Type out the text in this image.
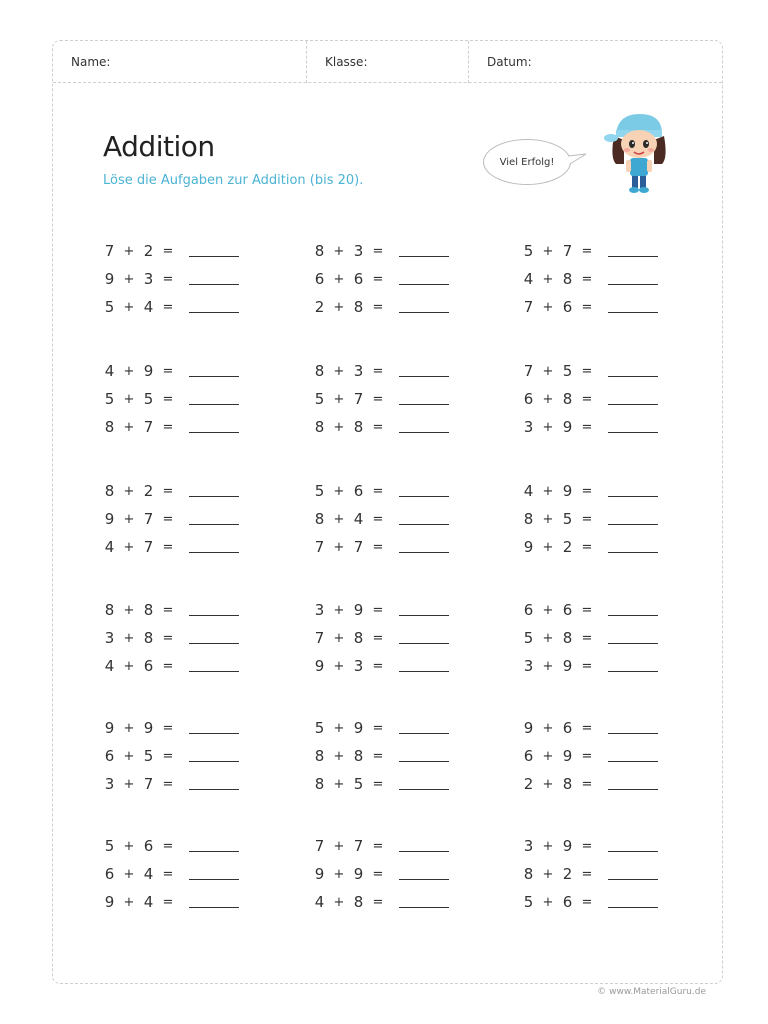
Name:	Klasse:	Datum:
Addition
Löse die Aufgaben zur Addition (bis 20).
Viel Erfolg!
7 + 2 =
9 + 3 =
5 + 4 =
8 + 3 =
6 + 6 =
2 + 8 =
5 + 7 =
4 + 8 =
7 + 6 =
4 + 9 =
5 + 5 =
8 + 7 =
8 + 3 =
5 + 7 =
8 + 8 =
7 + 5 =
6 + 8 =
3 + 9 =
8 + 2 =
9 + 7 =
4 + 7 =
5 + 6 =
8 + 4 =
7 + 7 =
4 + 9 =
8 + 5 =
9 + 2 =
8 + 8 =
3 + 8 =
4 + 6 =
3 + 9 =
7 + 8 =
9 + 3 =
6 + 6 =
5 + 8 =
3 + 9 =
9 + 9 =
6 + 5 =
3 + 7 =
5 + 9 =
8 + 8 =
8 + 5 =
9 + 6 =
6 + 9 =
2 + 8 =
5 + 6 =
6 + 4 =
9 + 4 =
7 + 7 =
9 + 9 =
4 + 8 =
3 + 9 =
8 + 2 =
5 + 6 =
© www.MaterialGuru.de
